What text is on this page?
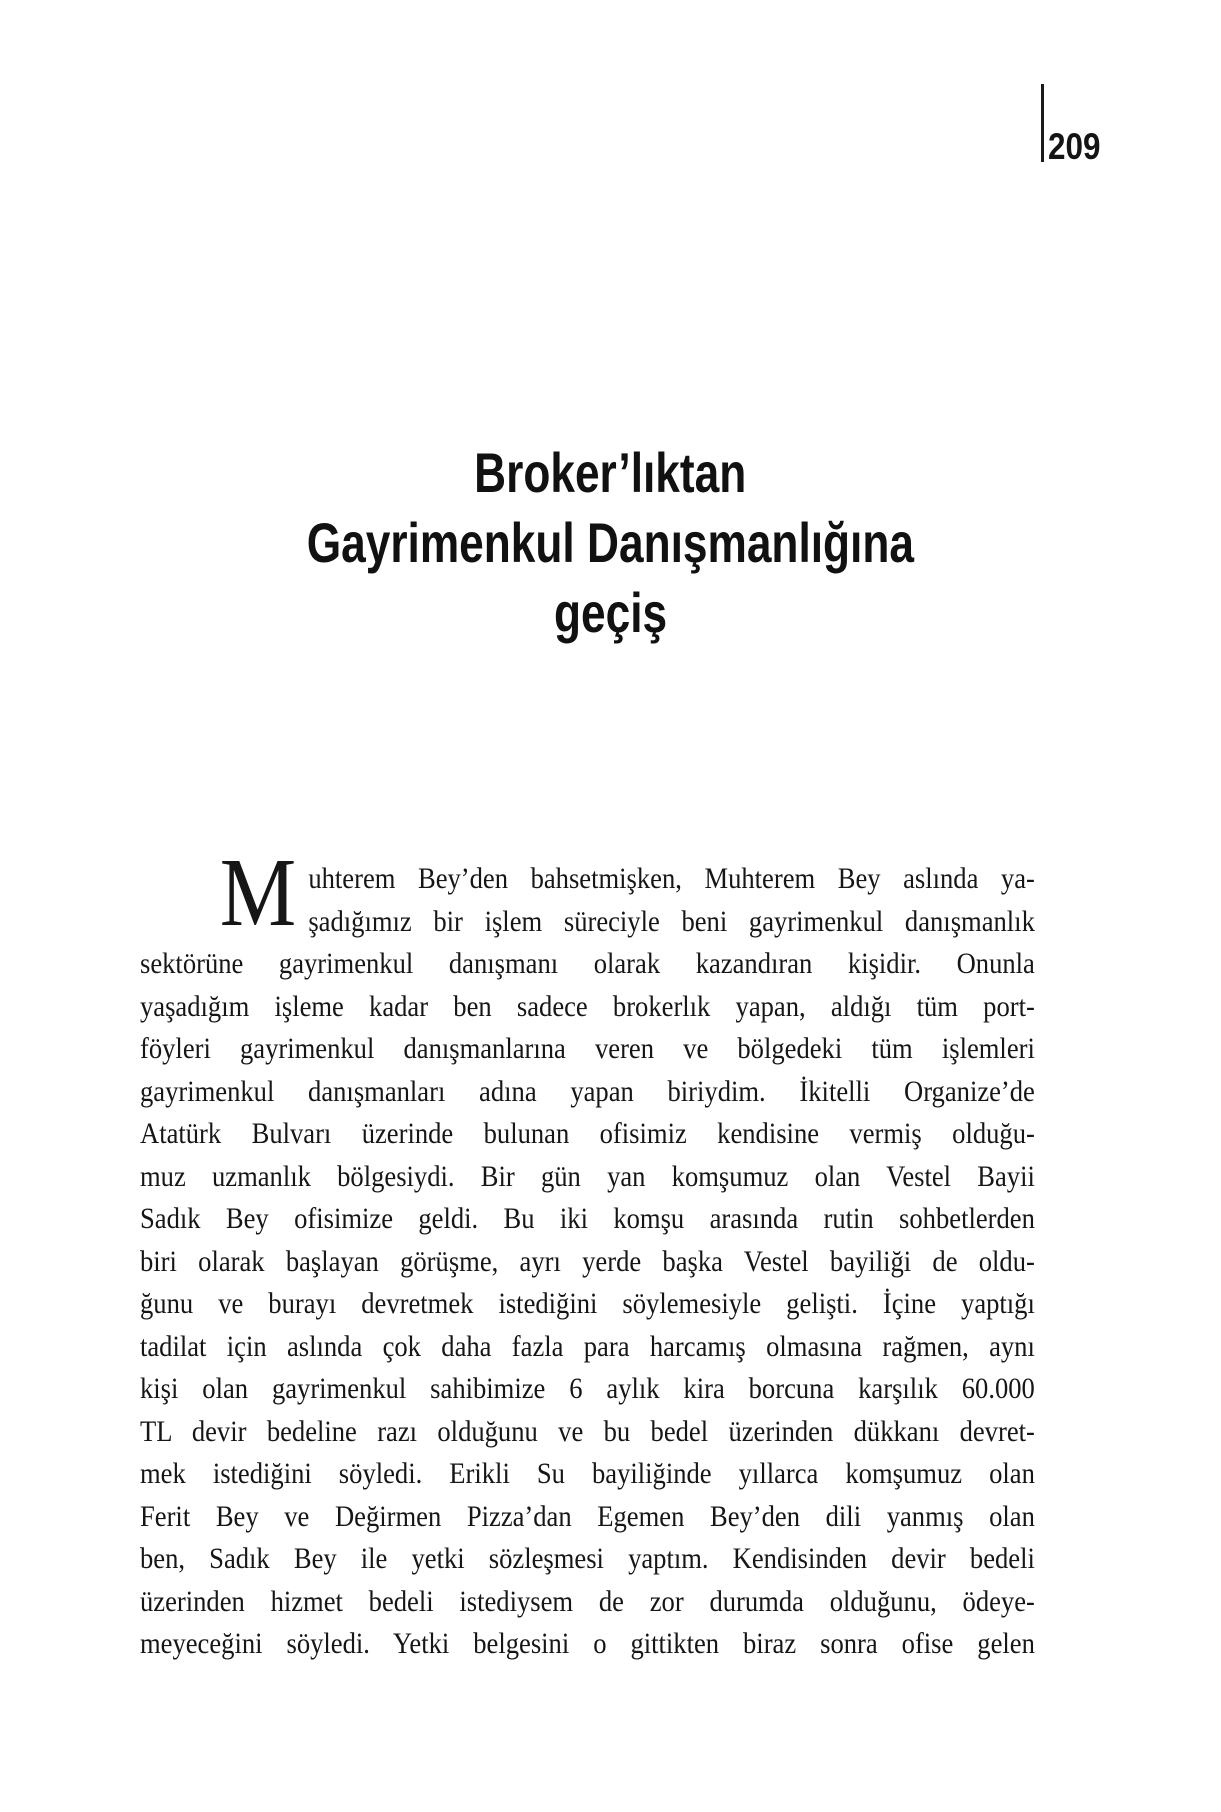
209
Broker’lıktan
Gayrimenkul Danışmanlığına
geçiş
M uhterem Bey’den bahsetmişken, Muhterem Bey aslında ya-
şadığımız bir işlem süreciyle beni gayrimenkul danışmanlık
sektörüne gayrimenkul danışmanı olarak kazandıran kişidir. Onunla
yaşadığım işleme kadar ben sadece brokerlık yapan, aldığı tüm port-
föyleri gayrimenkul danışmanlarına veren ve bölgedeki tüm işlemleri
gayrimenkul danışmanları adına yapan biriydim. İkitelli Organize’de
Atatürk Bulvarı üzerinde bulunan ofisimiz kendisine vermiş olduğu-
muz uzmanlık bölgesiydi. Bir gün yan komşumuz olan Vestel Bayii
Sadık Bey ofisimize geldi. Bu iki komşu arasında rutin sohbetlerden
biri olarak başlayan görüşme, ayrı yerde başka Vestel bayiliği de oldu-
ğunu ve burayı devretmek istediğini söylemesiyle gelişti. İçine yaptığı
tadilat için aslında çok daha fazla para harcamış olmasına rağmen, aynı
kişi olan gayrimenkul sahibimize 6 aylık kira borcuna karşılık 60.000
TL devir bedeline razı olduğunu ve bu bedel üzerinden dükkanı devret-
mek istediğini söyledi. Erikli Su bayiliğinde yıllarca komşumuz olan
Ferit Bey ve Değirmen Pizza’dan Egemen Bey’den dili yanmış olan
ben, Sadık Bey ile yetki sözleşmesi yaptım. Kendisinden devir bedeli
üzerinden hizmet bedeli istediysem de zor durumda olduğunu, ödeye-
meyeceğini söyledi. Yetki belgesini o gittikten biraz sonra ofise gelen
